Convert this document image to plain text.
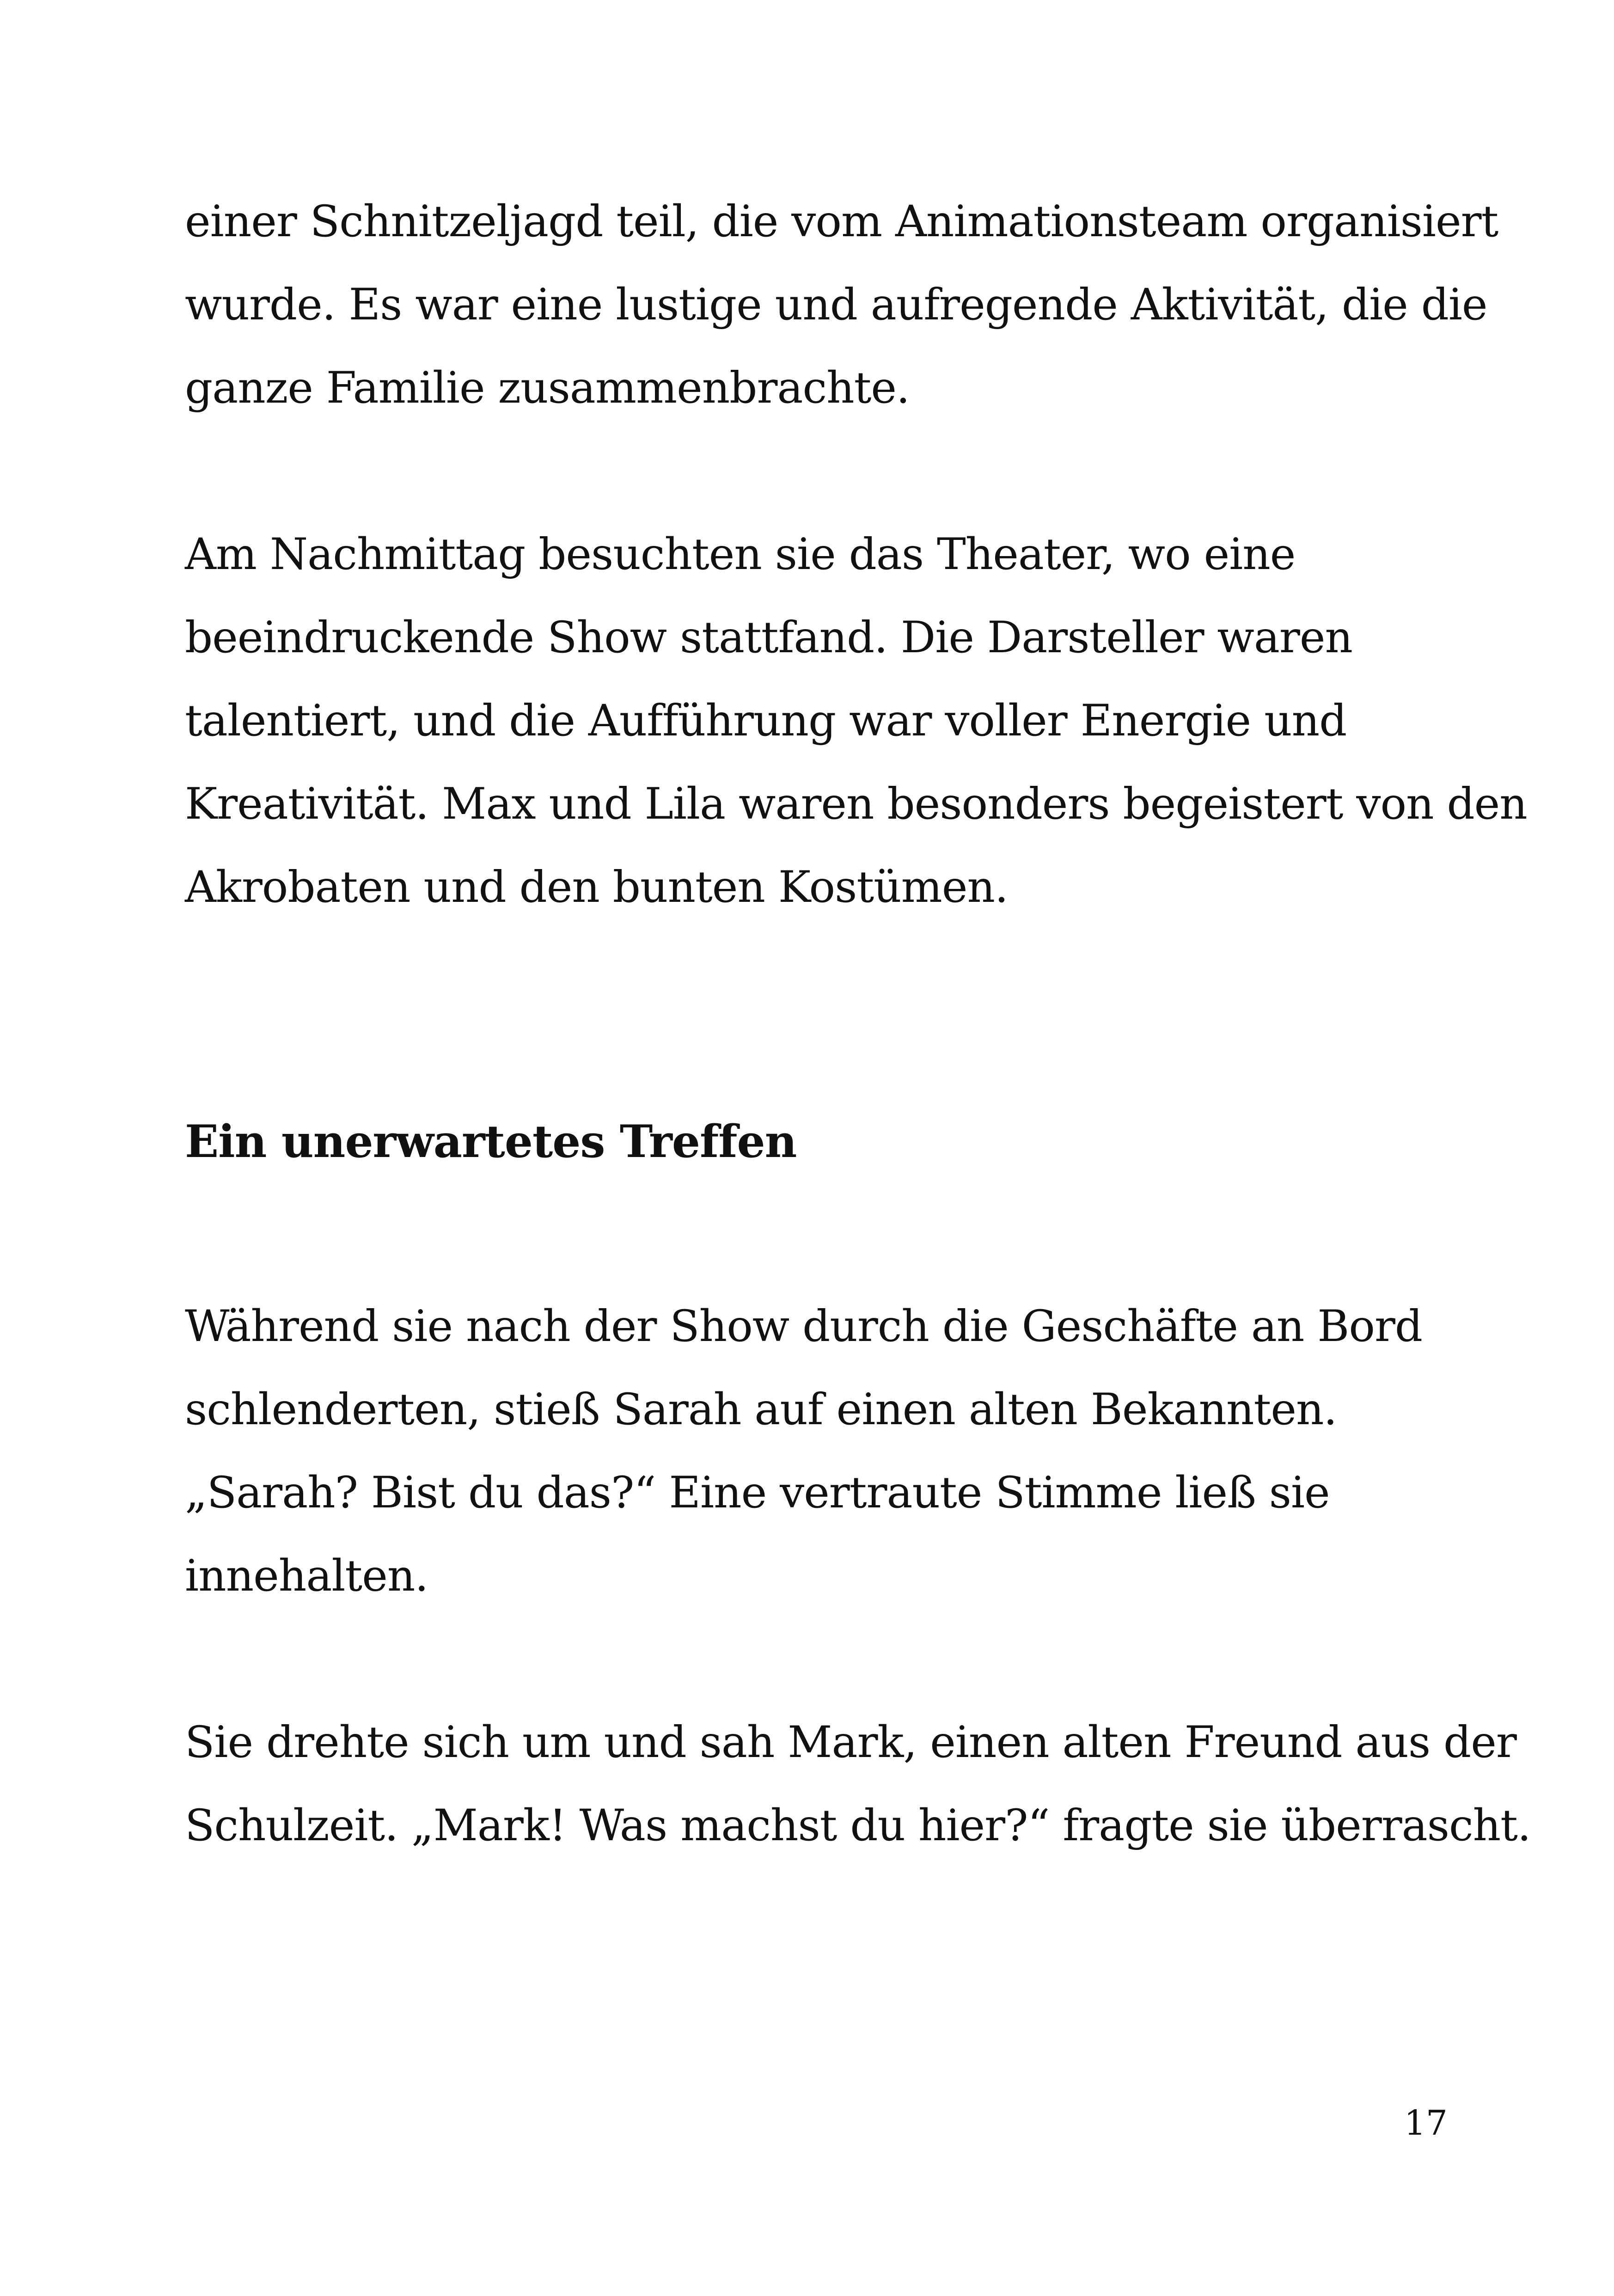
einer Schnitzeljagd teil, die vom Animationsteam organisiert
wurde. Es war eine lustige und aufregende Aktivität, die die
ganze Familie zusammenbrachte.
Am Nachmittag besuchten sie das Theater, wo eine
beeindruckende Show stattfand. Die Darsteller waren
talentiert, und die Aufführung war voller Energie und
Kreativität. Max und Lila waren besonders begeistert von den
Akrobaten und den bunten Kostümen.
Ein unerwartetes Treffen
Während sie nach der Show durch die Geschäfte an Bord
schlenderten, stieß Sarah auf einen alten Bekannten.
„Sarah? Bist du das?“ Eine vertraute Stimme ließ sie
innehalten.
Sie drehte sich um und sah Mark, einen alten Freund aus der
Schulzeit. „Mark! Was machst du hier?“ fragte sie überrascht.
17
